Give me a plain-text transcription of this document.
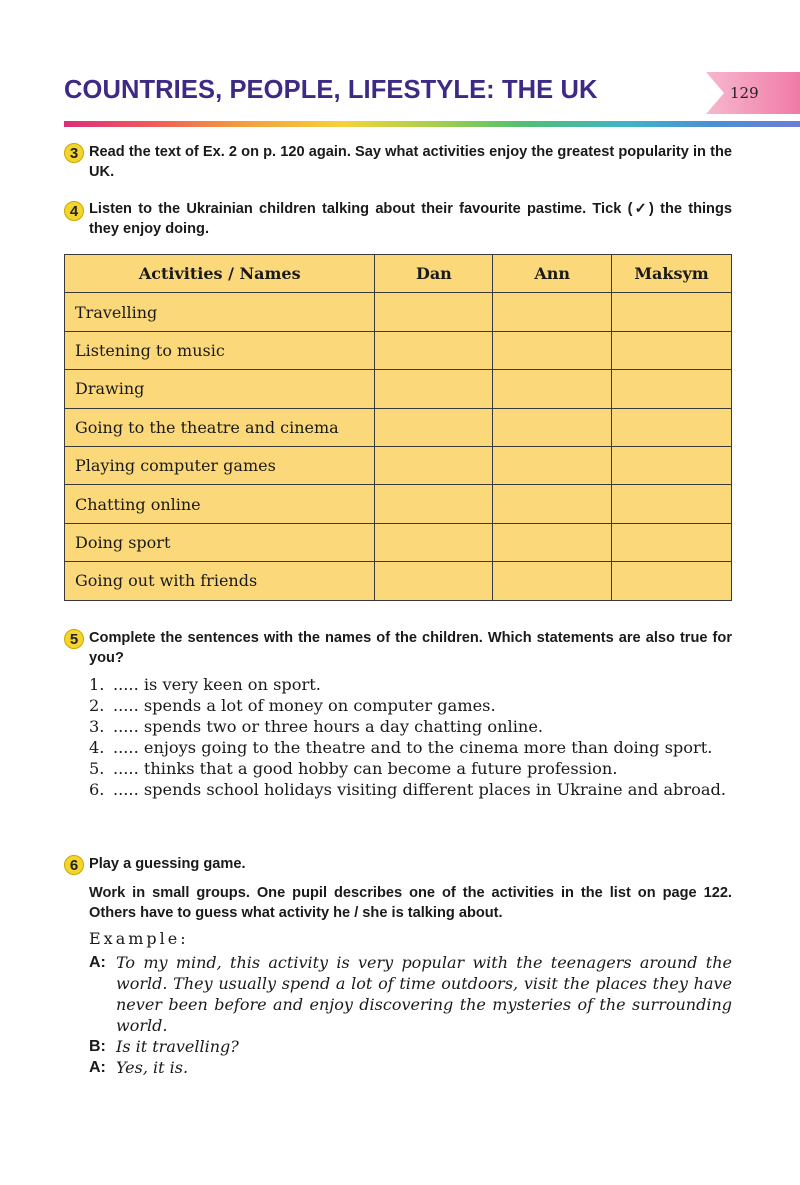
COUNTRIES, PEOPLE, LIFESTYLE: THE UK	129
3 Read the text of Ex. 2 on p. 120 again. Say what activities enjoy the greatest popularity in the UK.
4 Listen to the Ukrainian children talking about their favourite pastime. Tick (✓) the things they enjoy doing.
Activities / Names	Dan	Ann	Maksym
Travelling			
Listening to music			
Drawing			
Going to the theatre and cinema			
Playing computer games			
Chatting online			
Doing sport			
Going out with friends			
5 Complete the sentences with the names of the children. Which statements are also true for you?
1. ..... is very keen on sport.
2. ..... spends a lot of money on computer games.
3. ..... spends two or three hours a day chatting online.
4. ..... enjoys going to the theatre and to the cinema more than doing sport.
5. ..... thinks that a good hobby can become a future profession.
6. ..... spends school holidays visiting different places in Ukraine and abroad.
6 Play a guessing game.
Work in small groups. One pupil describes one of the activities in the list on page 122. Others have to guess what activity he / she is talking about.
Example:
A: To my mind, this activity is very popular with the teenagers around the world. They usually spend a lot of time outdoors, visit the places they have never been before and enjoy discovering the mysteries of the surrounding world.
B: Is it travelling?
A: Yes, it is.
